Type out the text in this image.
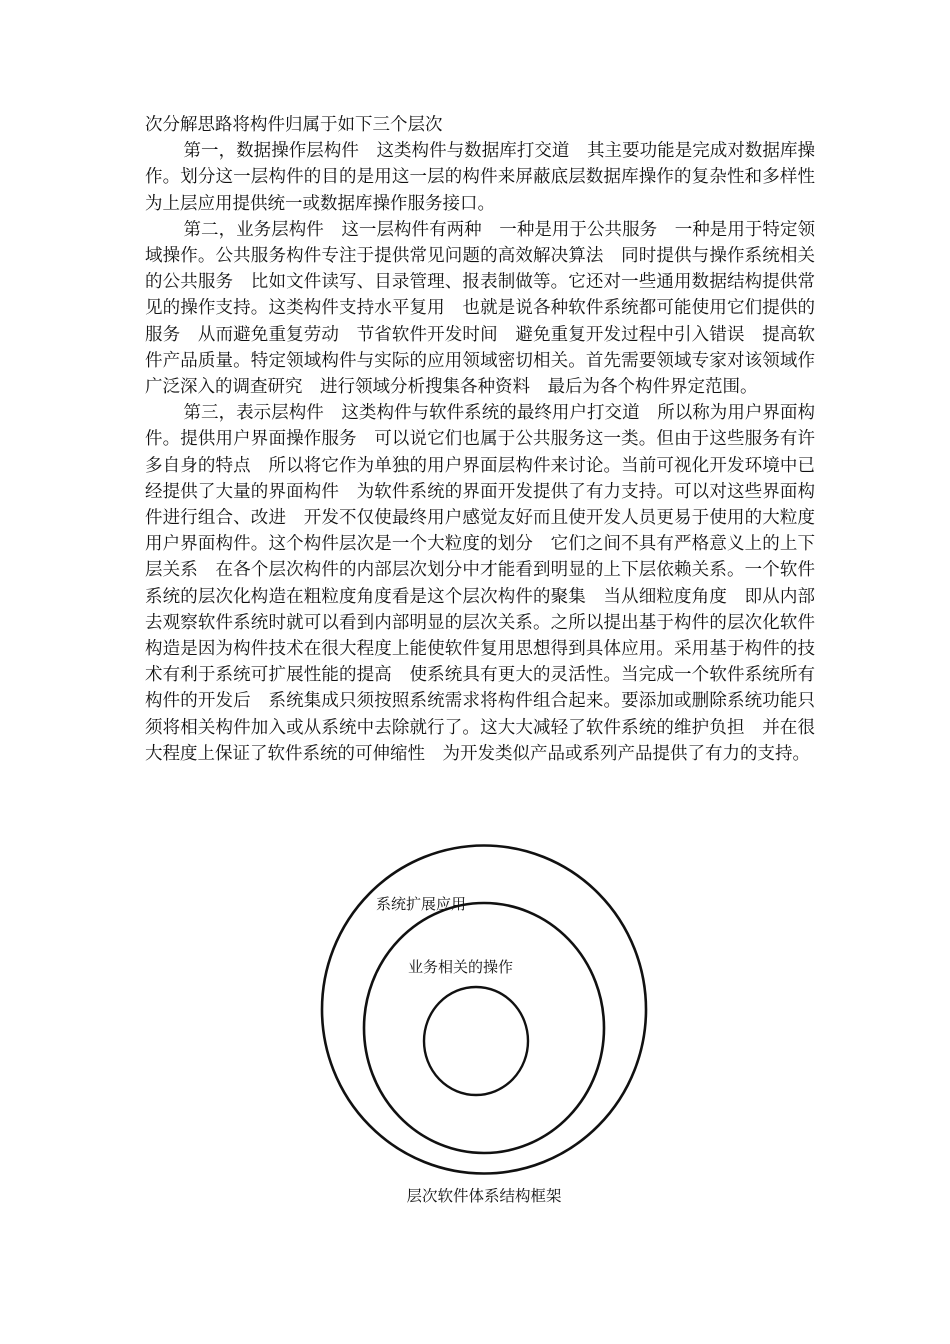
次分解思路将构件归属于如下三个层次

第一，数据操作层构件　这类构件与数据库打交道　其主要功能是完成对数据库操作。划分这一层构件的目的是用这一层的构件来屏蔽底层数据库操作的复杂性和多样性　为上层应用提供统一或数据库操作服务接口。

第二，业务层构件　这一层构件有两种　一种是用于公共服务　一种是用于特定领域操作。公共服务构件专注于提供常见问题的高效解决算法　同时提供与操作系统相关的公共服务　比如文件读写、目录管理、报表制做等。它还对一些通用数据结构提供常见的操作支持。这类构件支持水平复用　也就是说各种软件系统都可能使用它们提供的服务　从而避免重复劳动　节省软件开发时间　避免重复开发过程中引入错误　提高软件产品质量。特定领域构件与实际的应用领域密切相关。首先需要领域专家对该领域作广泛深入的调查研究　进行领域分析搜集各种资料　最后为各个构件界定范围。

第三，表示层构件　这类构件与软件系统的最终用户打交道　所以称为用户界面构件。提供用户界面操作服务　可以说它们也属于公共服务这一类。但由于这些服务有许多自身的特点　所以将它作为单独的用户界面层构件来讨论。当前可视化开发环境中已经提供了大量的界面构件　为软件系统的界面开发提供了有力支持。可以对这些界面构件进行组合、改进　开发不仅使最终用户感觉友好而且使开发人员更易于使用的大粒度用户界面构件。这个构件层次是一个大粒度的划分　它们之间不具有严格意义上的上下层关系　在各个层次构件的内部层次划分中才能看到明显的上下层依赖关系。一个软件系统的层次化构造在粗粒度角度看是这个层次构件的聚集　当从细粒度角度　即从内部去观察软件系统时就可以看到内部明显的层次关系。之所以提出基于构件的层次化软件构造是因为构件技术在很大程度上能使软件复用思想得到具体应用。采用基于构件的技术有利于系统可扩展性能的提高　使系统具有更大的灵活性。当完成一个软件系统所有构件的开发后　系统集成只须按照系统需求将构件组合起来。要添加或删除系统功能只须将相关构件加入或从系统中去除就行了。这大大减轻了软件系统的维护负担　并在很大程度上保证了软件系统的可伸缩性　为开发类似产品或系列产品提供了有力的支持。

系统扩展应用
业务相关的操作
层次软件体系结构框架
